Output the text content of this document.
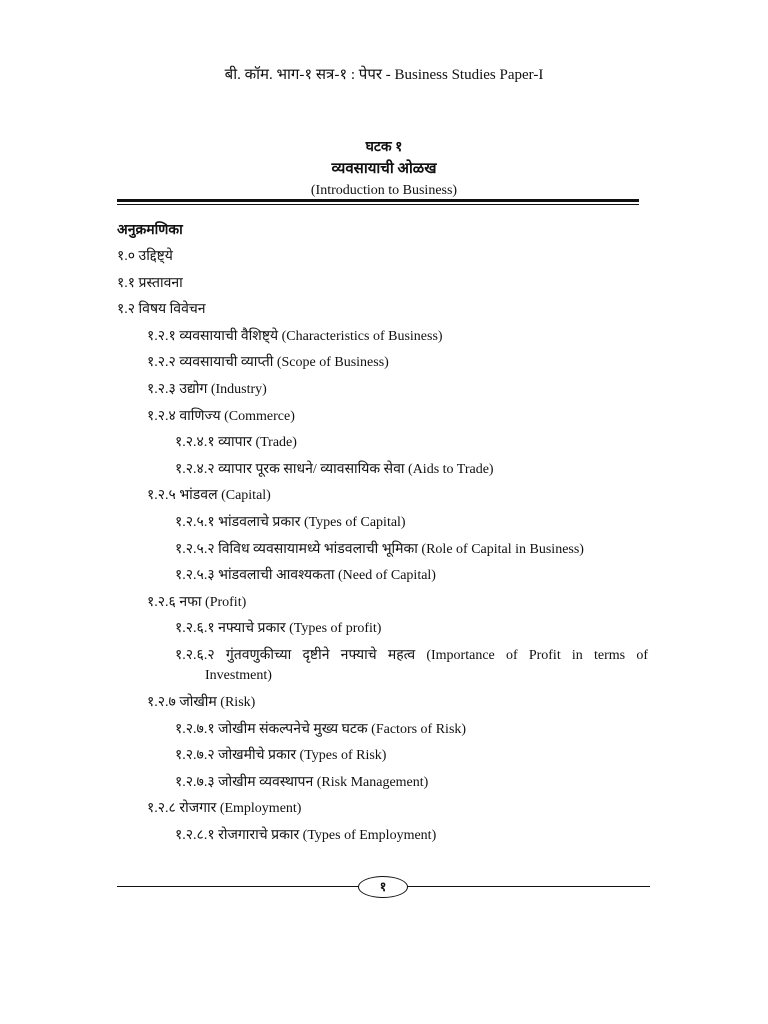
बी. कॉम. भाग-१ सत्र-१ : पेपर - Business Studies Paper-I
घटक १
व्यवसायाची ओळख
(Introduction to Business)
अनुक्रमणिका
१.० उद्दिष्ट्ये
१.१ प्रस्तावना
१.२ विषय विवेचन
१.२.१ व्यवसायाची वैशिष्ट्ये (Characteristics of Business)
१.२.२ व्यवसायाची व्याप्ती (Scope of Business)
१.२.३ उद्योग (Industry)
१.२.४ वाणिज्य (Commerce)
१.२.४.१ व्यापार (Trade)
१.२.४.२ व्यापार पूरक साधने/ व्यावसायिक सेवा (Aids to Trade)
१.२.५ भांडवल (Capital)
१.२.५.१ भांडवलाचे प्रकार (Types of Capital)
१.२.५.२ विविध व्यवसायामध्ये भांडवलाची भूमिका (Role of Capital in Business)
१.२.५.३ भांडवलाची आवश्यकता (Need of Capital)
१.२.६ नफा (Profit)
१.२.६.१ नफ्याचे प्रकार (Types of profit)
१.२.६.२ गुंतवणुकीच्या दृष्टीने नफ्याचे महत्व (Importance of Profit in terms of
Investment)
१.२.७ जोखीम (Risk)
१.२.७.१ जोखीम संकल्पनेचे मुख्य घटक (Factors of Risk)
१.२.७.२ जोखमीचे प्रकार (Types of Risk)
१.२.७.३ जोखीम व्यवस्थापन (Risk Management)
१.२.८ रोजगार (Employment)
१.२.८.१ रोजगाराचे प्रकार (Types of Employment)
१
